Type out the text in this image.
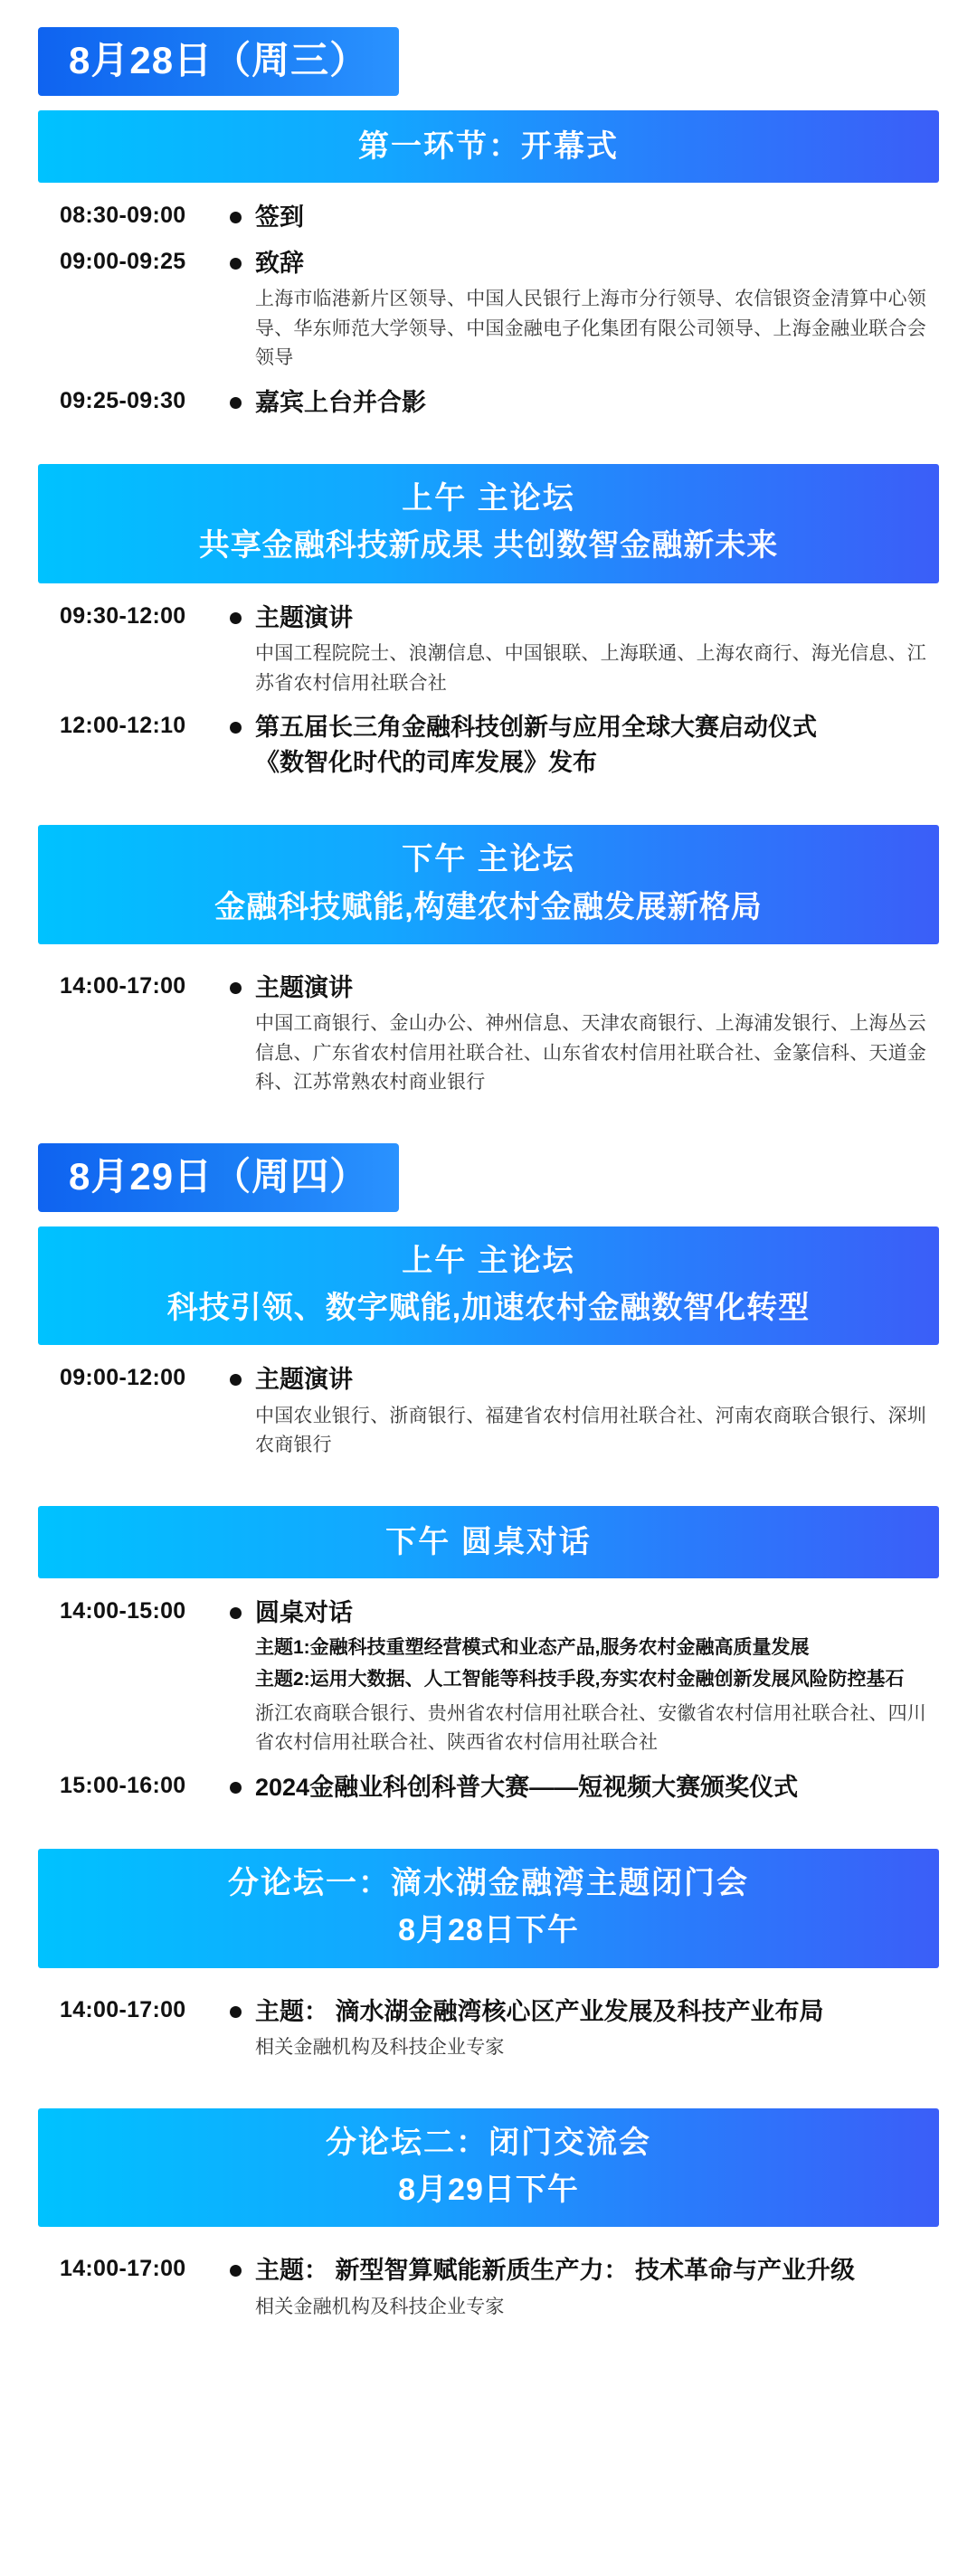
8月28日（周三）
第一环节：开幕式
08:30-09:00	签到
09:00-09:25	致辞
上海市临港新片区领导、中国人民银行上海市分行领导、农信银资金清算中心领导、华东师范大学领导、中国金融电子化集团有限公司领导、上海金融业联合会领导
09:25-09:30	嘉宾上台并合影
上午 主论坛
共享金融科技新成果 共创数智金融新未来
09:30-12:00	主题演讲
中国工程院院士、浪潮信息、中国银联、上海联通、上海农商行、海光信息、江苏省农村信用社联合社
12:00-12:10	第五届长三角金融科技创新与应用全球大赛启动仪式
《数智化时代的司库发展》发布
下午 主论坛
金融科技赋能,构建农村金融发展新格局
14:00-17:00	主题演讲
中国工商银行、金山办公、神州信息、天津农商银行、上海浦发银行、上海丛云信息、广东省农村信用社联合社、山东省农村信用社联合社、金篆信科、天道金科、江苏常熟农村商业银行
8月29日（周四）
上午 主论坛
科技引领、数字赋能,加速农村金融数智化转型
09:00-12:00	主题演讲
中国农业银行、浙商银行、福建省农村信用社联合社、河南农商联合银行、深圳农商银行
下午 圆桌对话
14:00-15:00	圆桌对话
主题1:金融科技重塑经营模式和业态产品,服务农村金融高质量发展
主题2:运用大数据、人工智能等科技手段,夯实农村金融创新发展风险防控基石
浙江农商联合银行、贵州省农村信用社联合社、安徽省农村信用社联合社、四川省农村信用社联合社、陕西省农村信用社联合社
15:00-16:00	2024金融业科创科普大赛——短视频大赛颁奖仪式
分论坛一：滴水湖金融湾主题闭门会
8月28日下午
14:00-17:00	主题： 滴水湖金融湾核心区产业发展及科技产业布局
相关金融机构及科技企业专家
分论坛二：闭门交流会
8月29日下午
14:00-17:00	主题： 新型智算赋能新质生产力： 技术革命与产业升级
相关金融机构及科技企业专家
